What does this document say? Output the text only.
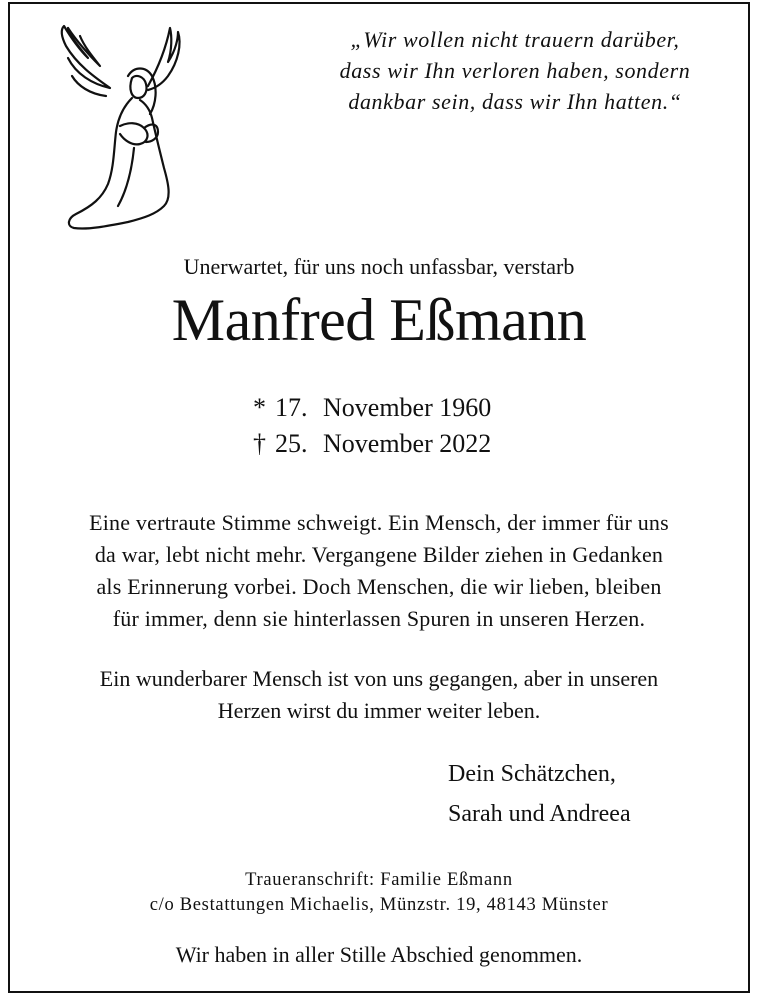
„Wir wollen nicht trauern darüber,
dass wir Ihn verloren haben, sondern
dankbar sein, dass wir Ihn hatten.“
Unerwartet, für uns noch unfassbar, verstarb
Manfred Eßmann
* 17. November 1960
† 25. November 2022
Eine vertraute Stimme schweigt. Ein Mensch, der immer für uns
da war, lebt nicht mehr. Vergangene Bilder ziehen in Gedanken
als Erinnerung vorbei. Doch Menschen, die wir lieben, bleiben
für immer, denn sie hinterlassen Spuren in unseren Herzen.
Ein wunderbarer Mensch ist von uns gegangen, aber in unseren
Herzen wirst du immer weiter leben.
Dein Schätzchen,
Sarah und Andreea
Traueranschrift: Familie Eßmann
c/o Bestattungen Michaelis, Münzstr. 19, 48143 Münster
Wir haben in aller Stille Abschied genommen.
